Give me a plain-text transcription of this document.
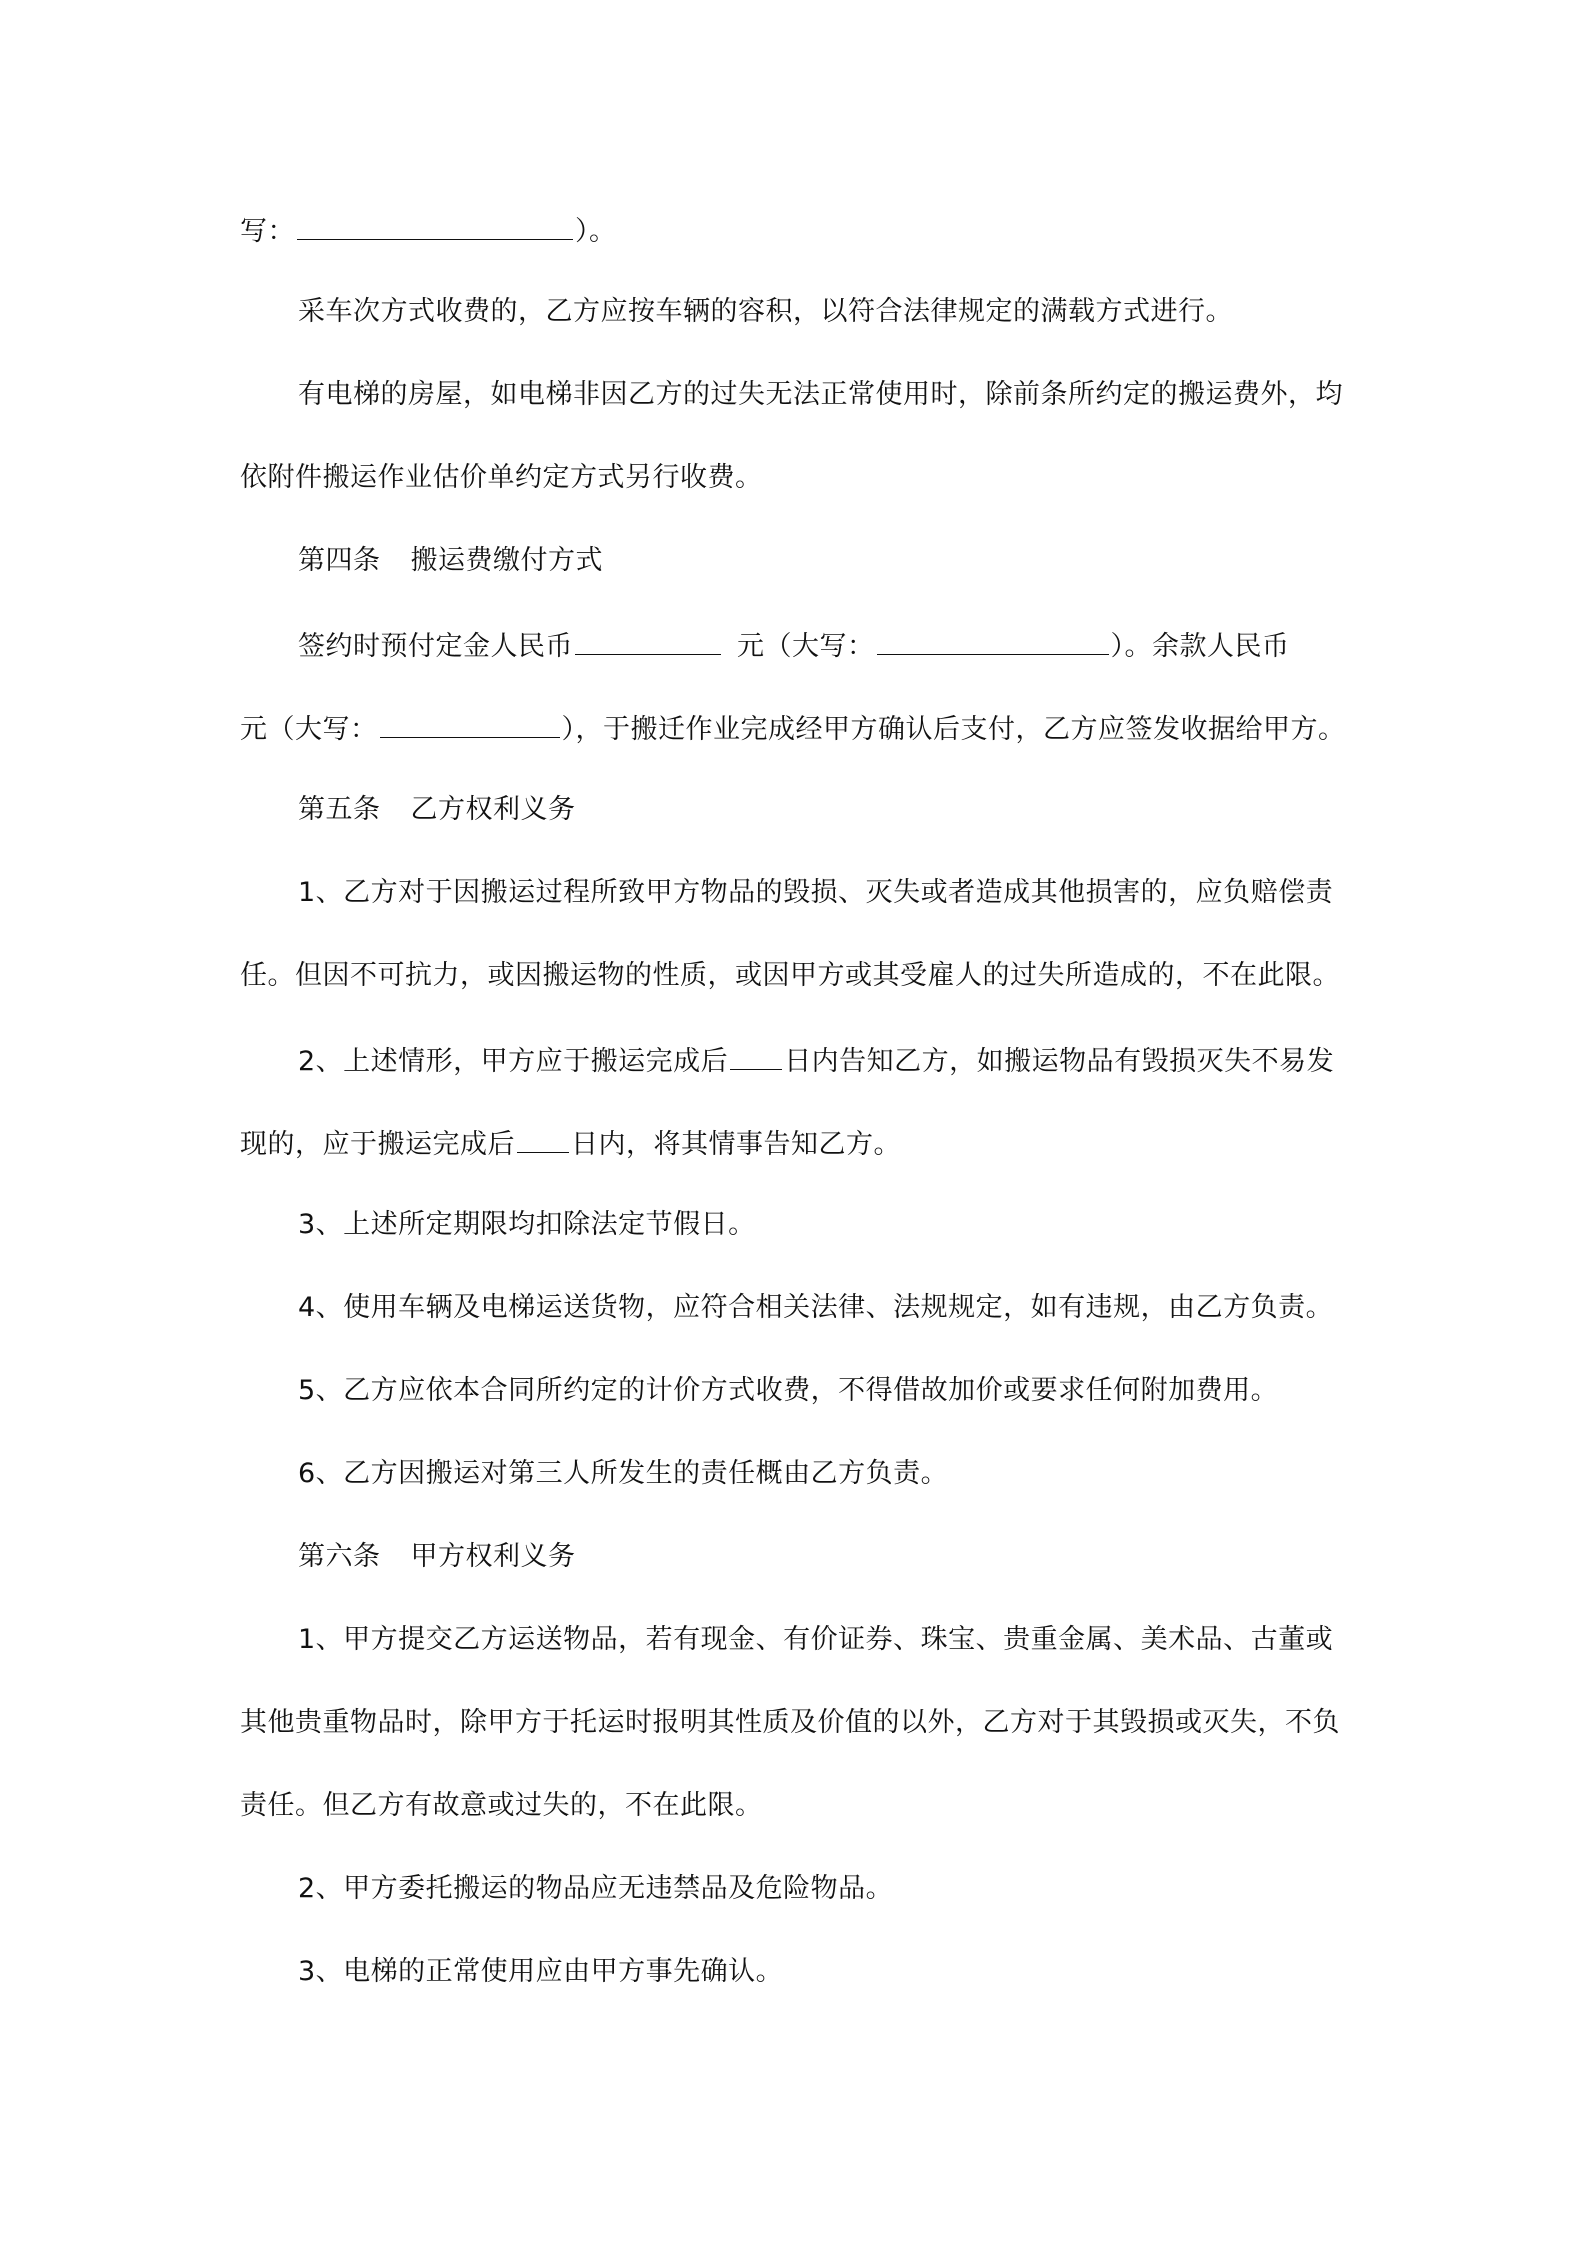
写：	）。
采车次方式收费的，乙方应按车辆的容积，以符合法律规定的满载方式进行。
有电梯的房屋，如电梯非因乙方的过失无法正常使用时，除前条所约定的搬运费外，均
依附件搬运作业估价单约定方式另行收费。
第四条 搬运费缴付方式
签约时预付定金人民币	元（大写：	）。余款人民币
元（大写：	），于搬迁作业完成经甲方确认后支付，乙方应签发收据给甲方。
第五条 乙方权利义务
1、乙方对于因搬运过程所致甲方物品的毁损、灭失或者造成其他损害的，应负赔偿责
任。但因不可抗力，或因搬运物的性质，或因甲方或其受雇人的过失所造成的，不在此限。
2、上述情形，甲方应于搬运完成后 日内告知乙方，如搬运物品有毁损灭失不易发
现的，应于搬运完成后 日内，将其情事告知乙方。
3、上述所定期限均扣除法定节假日。
4、使用车辆及电梯运送货物，应符合相关法律、法规规定，如有违规，由乙方负责。
5、乙方应依本合同所约定的计价方式收费，不得借故加价或要求任何附加费用。
6、乙方因搬运对第三人所发生的责任概由乙方负责。
第六条 甲方权利义务
1、甲方提交乙方运送物品，若有现金、有价证券、珠宝、贵重金属、美术品、古董或
其他贵重物品时，除甲方于托运时报明其性质及价值的以外，乙方对于其毁损或灭失，不负
责任。但乙方有故意或过失的，不在此限。
2、甲方委托搬运的物品应无违禁品及危险物品。
3、电梯的正常使用应由甲方事先确认。
